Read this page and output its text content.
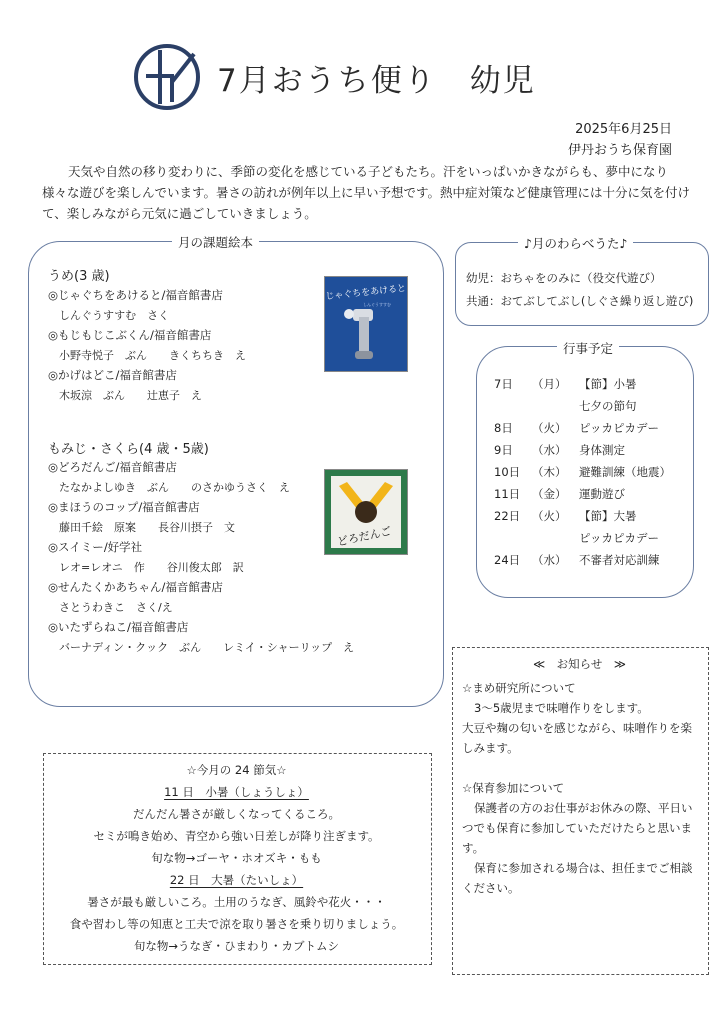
7月おうち便り　幼児
2025年6月25日
伊丹おうち保育園
天気や自然の移り変わりに、季節の変化を感じている子どもたち。汗をいっぱいかきながらも、夢中になり様々な遊びを楽しんでいます。暑さの訪れが例年以上に早い予想です。熱中症対策など健康管理には十分に気を付けて、楽しみながら元気に過ごしていきましょう。
月の課題絵本
うめ(3 歳)
◎じゃぐちをあけると/福音館書店
しんぐうすすむ　さく
◎もじもじこぶくん/福音館書店
小野寺悦子　ぶん　　きくちちき　え
◎かげはどこ/福音館書店
木坂涼　ぶん　　辻恵子　え
もみじ・さくら(4 歳・5歳)
◎どろだんご/福音館書店
たなかよしゆき　ぶん　　のさかゆうさく　え
◎まほうのコップ/福音館書店
藤田千絵　原案　　長谷川摂子　文
◎スイミー/好学社
レオ=レオニ　作　　谷川俊太郎　訳
◎せんたくかあちゃん/福音館書店
さとうわきこ　さく/え
◎いたずらねこ/福音館書店
バーナディン・クック　ぶん　　レミイ・シャーリップ　え
じゃぐちをあけると
しんぐうすすむ
どろだんご
♪月のわらべうた♪
幼児：おちゃをのみに（役交代遊び）
共通：おてぶしてぶし(しぐさ繰り返し遊び)
行事予定
7日 （月） 【節】小暑
七夕の節句
8日 （火） ピッカピカデー
9日 （水） 身体測定
10日 （木） 避難訓練（地震）
11日 （金） 運動遊び
22日 （火） 【節】大暑
ピッカピカデー
24日 （水） 不審者対応訓練
≪　お知らせ　≫
☆まめ研究所について
3～5歳児まで味噌作りをします。
大豆や麹の匂いを感じながら、味噌作りを楽しみます。
☆保育参加について
保護者の方のお仕事がお休みの際、平日いつでも保育に参加していただけたらと思います。
保育に参加される場合は、担任までご相談ください。
☆今月の 24 節気☆
11 日　小暑（しょうしょ）
だんだん暑さが厳しくなってくるころ。
セミが鳴き始め、青空から強い日差しが降り注ぎます。
旬な物→ゴーヤ・ホオズキ・もも
22 日　大暑（たいしょ）
暑さが最も厳しいころ。土用のうなぎ、風鈴や花火・・・
食や習わし等の知恵と工夫で涼を取り暑さを乗り切りましょう。
旬な物→うなぎ・ひまわり・カブトムシ
